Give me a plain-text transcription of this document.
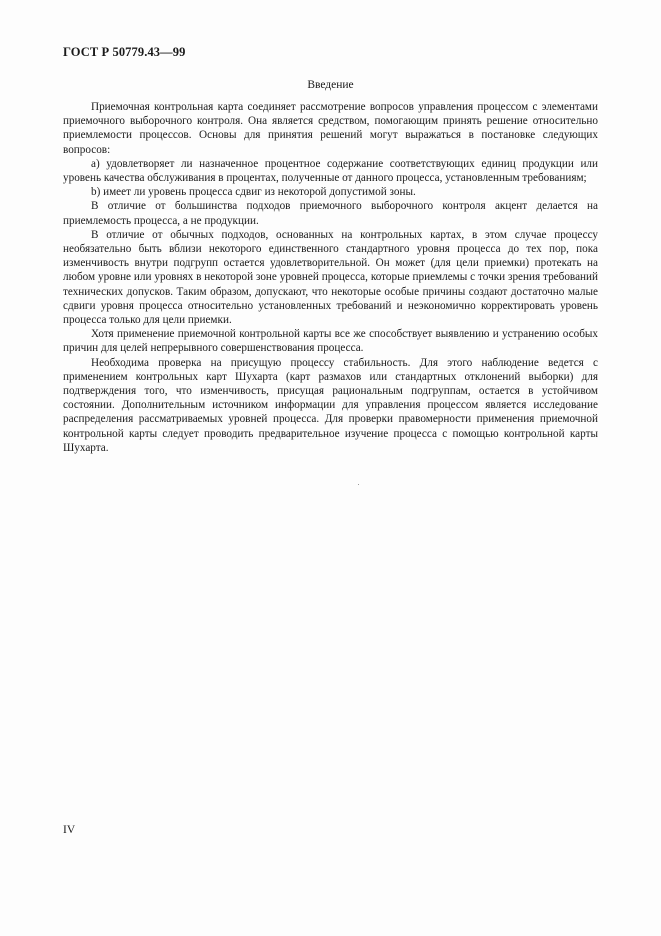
ГОСТ Р 50779.43—99
Введение

Приемочная контрольная карта соединяет рассмотрение вопросов управления процессом с элементами приемочного выборочного контроля. Она является средством, помогающим принять решение относительно приемлемости процессов. Основы для принятия решений могут выражаться в постановке следующих вопросов:

a) удовлетворяет ли назначенное процентное содержание соответствующих единиц продукции или уровень качества обслуживания в процентах, полученные от данного процесса, установленным требованиям;

b) имеет ли уровень процесса сдвиг из некоторой допустимой зоны.

В отличие от большинства подходов приемочного выборочного контроля акцент делается на приемлемость процесса, а не продукции.

В отличие от обычных подходов, основанных на контрольных картах, в этом случае процессу необязательно быть вблизи некоторого единственного стандартного уровня процесса до тех пор, пока изменчивость внутри подгрупп остается удовлетворительной. Он может (для цели приемки) протекать на любом уровне или уровнях в некоторой зоне уровней процесса, которые приемлемы с точки зрения требований технических допусков. Таким образом, допускают, что некоторые особые причины создают достаточно малые сдвиги уровня процесса относительно установленных требований и неэкономично корректировать уровень процесса только для цели приемки.

Хотя применение приемочной контрольной карты все же способствует выявлению и устранению особых причин для целей непрерывного совершенствования процесса.

Необходима проверка на присущую процессу стабильность. Для этого наблюдение ведется с применением контрольных карт Шухарта (карт размахов или стандартных отклонений выборки) для подтверждения того, что изменчивость, присущая рациональным подгруппам, остается в устойчивом состоянии. Дополнительным источником информации для управления процессом является исследование распределения рассматриваемых уровней процесса. Для проверки правомерности применения приемочной контрольной карты следует проводить предварительное изучение процесса с помощью контрольной карты Шухарта.

IV
